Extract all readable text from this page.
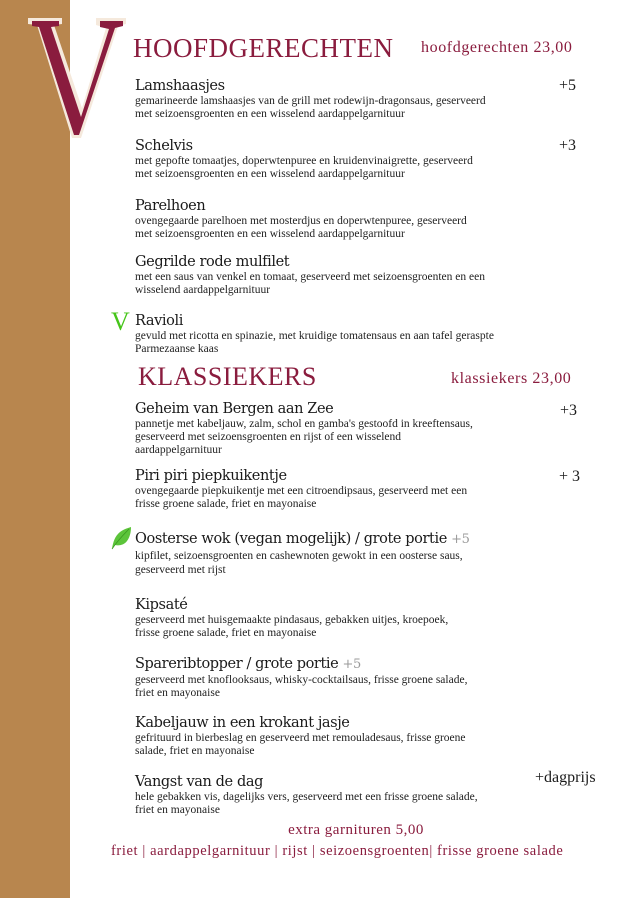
HOOFDGERECHTEN hoofdgerechten 23,00
Lamshaasjes
gemarineerde lamshaasjes van de grill met rodewijn-dragonsaus, geserveerd
met seizoensgroenten en een wisselend aardappelgarnituur
+5
Schelvis
met gepofte tomaatjes, doperwtenpuree en kruidenvinaigrette, geserveerd
met seizoensgroenten en een wisselend aardappelgarnituur
+3
Parelhoen
ovengegaarde parelhoen met mosterdjus en doperwtenpuree, geserveerd
met seizoensgroenten en een wisselend aardappelgarnituur
Gegrilde rode mulfilet
met een saus van venkel en tomaat, geserveerd met seizoensgroenten en een
wisselend aardappelgarnituur
V Ravioli
gevuld met ricotta en spinazie, met kruidige tomatensaus en aan tafel geraspte
Parmezaanse kaas
KLASSIEKERS	klassiekers 23,00
Geheim van Bergen aan Zee
pannetje met kabeljauw, zalm, schol en gamba's gestoofd in kreeftensaus,
geserveerd met seizoensgroenten en rijst of een wisselend
aardappelgarnituur
+3
Piri piri piepkuikentje
ovengegaarde piepkuikentje met een citroendipsaus, geserveerd met een
frisse groene salade, friet en mayonaise
+ 3
Oosterse wok (vegan mogelijk) / grote portie +5
kipfilet, seizoensgroenten en cashewnoten gewokt in een oosterse saus,
geserveerd met rijst
Kipsaté
geserveerd met huisgemaakte pindasaus, gebakken uitjes, kroepoek,
frisse groene salade, friet en mayonaise
Spareribtopper / grote portie +5
geserveerd met knoflooksaus, whisky-cocktailsaus, frisse groene salade,
friet en mayonaise
Kabeljauw in een krokant jasje
gefrituurd in bierbeslag en geserveerd met remouladesaus, frisse groene
salade, friet en mayonaise
Vangst van de dag
hele gebakken vis, dagelijks vers, geserveerd met een frisse groene salade,
friet en mayonaise
+dagprijs
extra garnituren 5,00
friet | aardappelgarnituur | rijst | seizoensgroenten| frisse groene salade
